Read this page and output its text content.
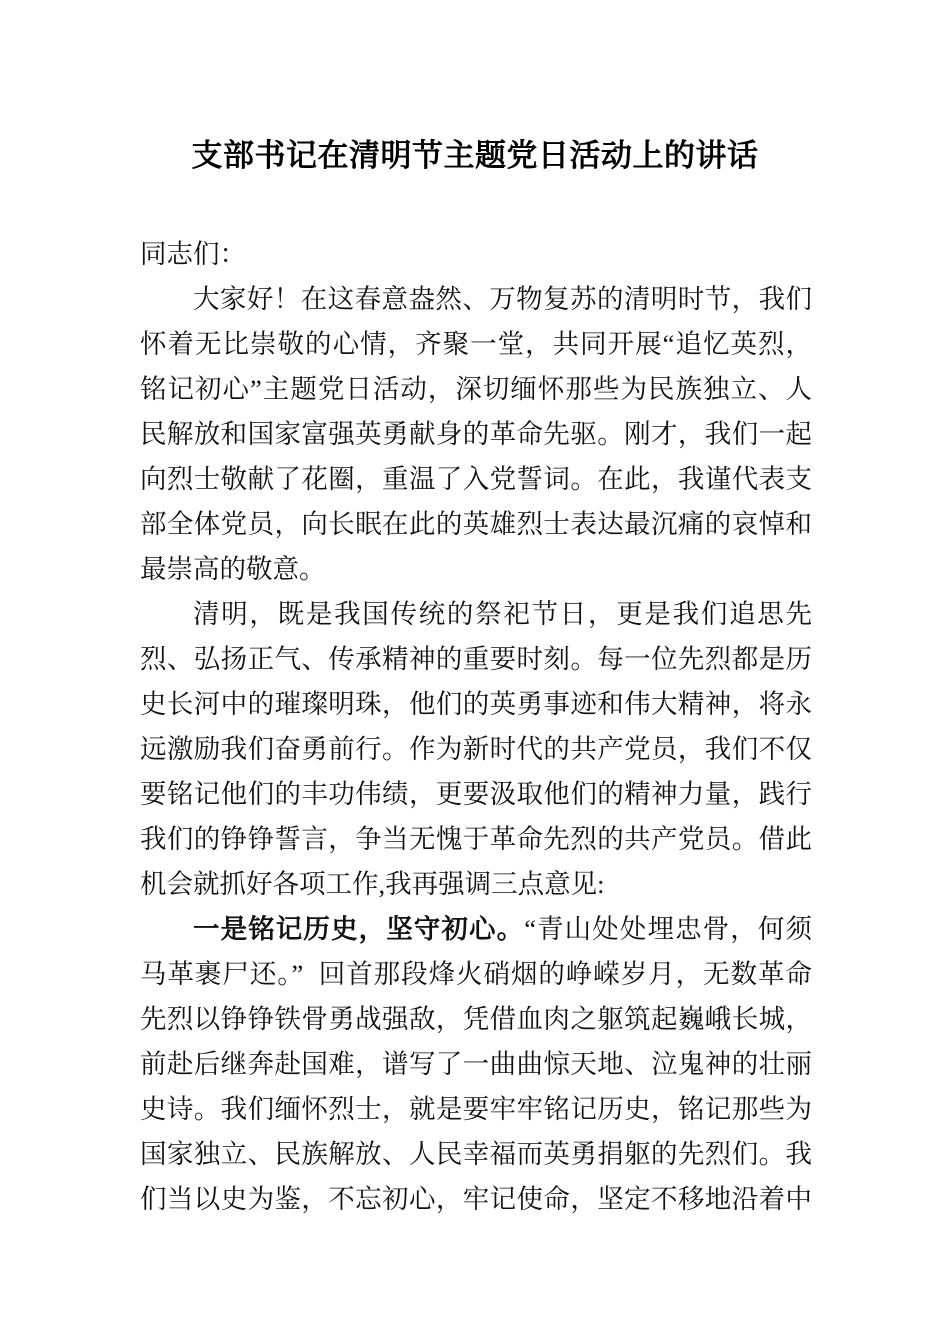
支部书记在清明节主题党日活动上的讲话

同志们：

大家好！在这春意盎然、万物复苏的清明时节，我们怀着无比崇敬的心情，齐聚一堂，共同开展“追忆英烈，铭记初心”主题党日活动，深切缅怀那些为民族独立、人民解放和国家富强英勇献身的革命先驱。刚才，我们一起向烈士敬献了花圈，重温了入党誓词。在此，我谨代表支部全体党员，向长眠在此的英雄烈士表达最沉痛的哀悼和最崇高的敬意。

清明，既是我国传统的祭祀节日，更是我们追思先烈、弘扬正气、传承精神的重要时刻。每一位先烈都是历史长河中的璀璨明珠，他们的英勇事迹和伟大精神，将永远激励我们奋勇前行。作为新时代的共产党员，我们不仅要铭记他们的丰功伟绩，更要汲取他们的精神力量，践行我们的铮铮誓言，争当无愧于革命先烈的共产党员。借此机会就抓好各项工作,我再强调三点意见:

一是铭记历史，坚守初心。“青山处处埋忠骨，何须马革裹尸还。” 回首那段烽火硝烟的峥嵘岁月，无数革命先烈以铮铮铁骨勇战强敌，凭借血肉之躯筑起巍峨长城，前赴后继奔赴国难，谱写了一曲曲惊天地、泣鬼神的壮丽史诗。我们缅怀烈士，就是要牢牢铭记历史，铭记那些为国家独立、民族解放、人民幸福而英勇捐躯的先烈们。我们当以史为鉴，不忘初心，牢记使命，坚定不移地沿着中
